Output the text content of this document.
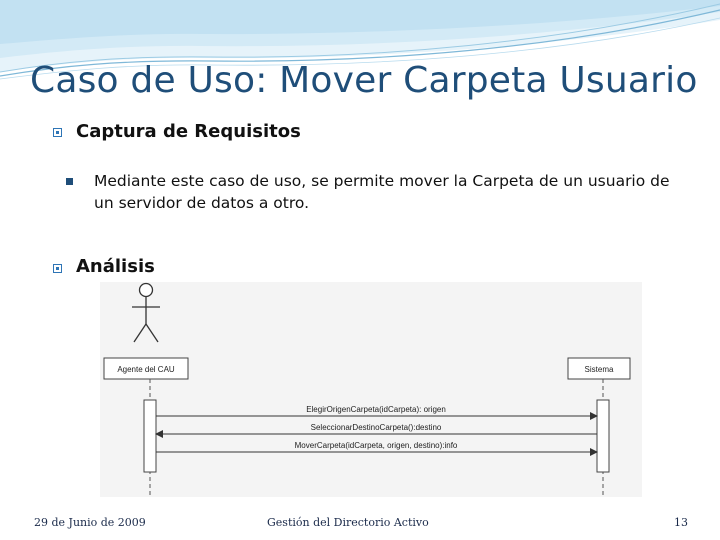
Caso de Uso: Mover Carpeta Usuario
Captura de Requisitos
Mediante este caso de uso, se permite mover la Carpeta de un usuario de un servidor de datos a otro.
Análisis
Agente del CAU	Sistema
ElegirOrigenCarpeta(idCarpeta): origen
SeleccionarDestinoCarpeta():destino
MoverCarpeta(idCarpeta, origen, destino):info
29 de Junio de 2009	Gestión del Directorio Activo	13
